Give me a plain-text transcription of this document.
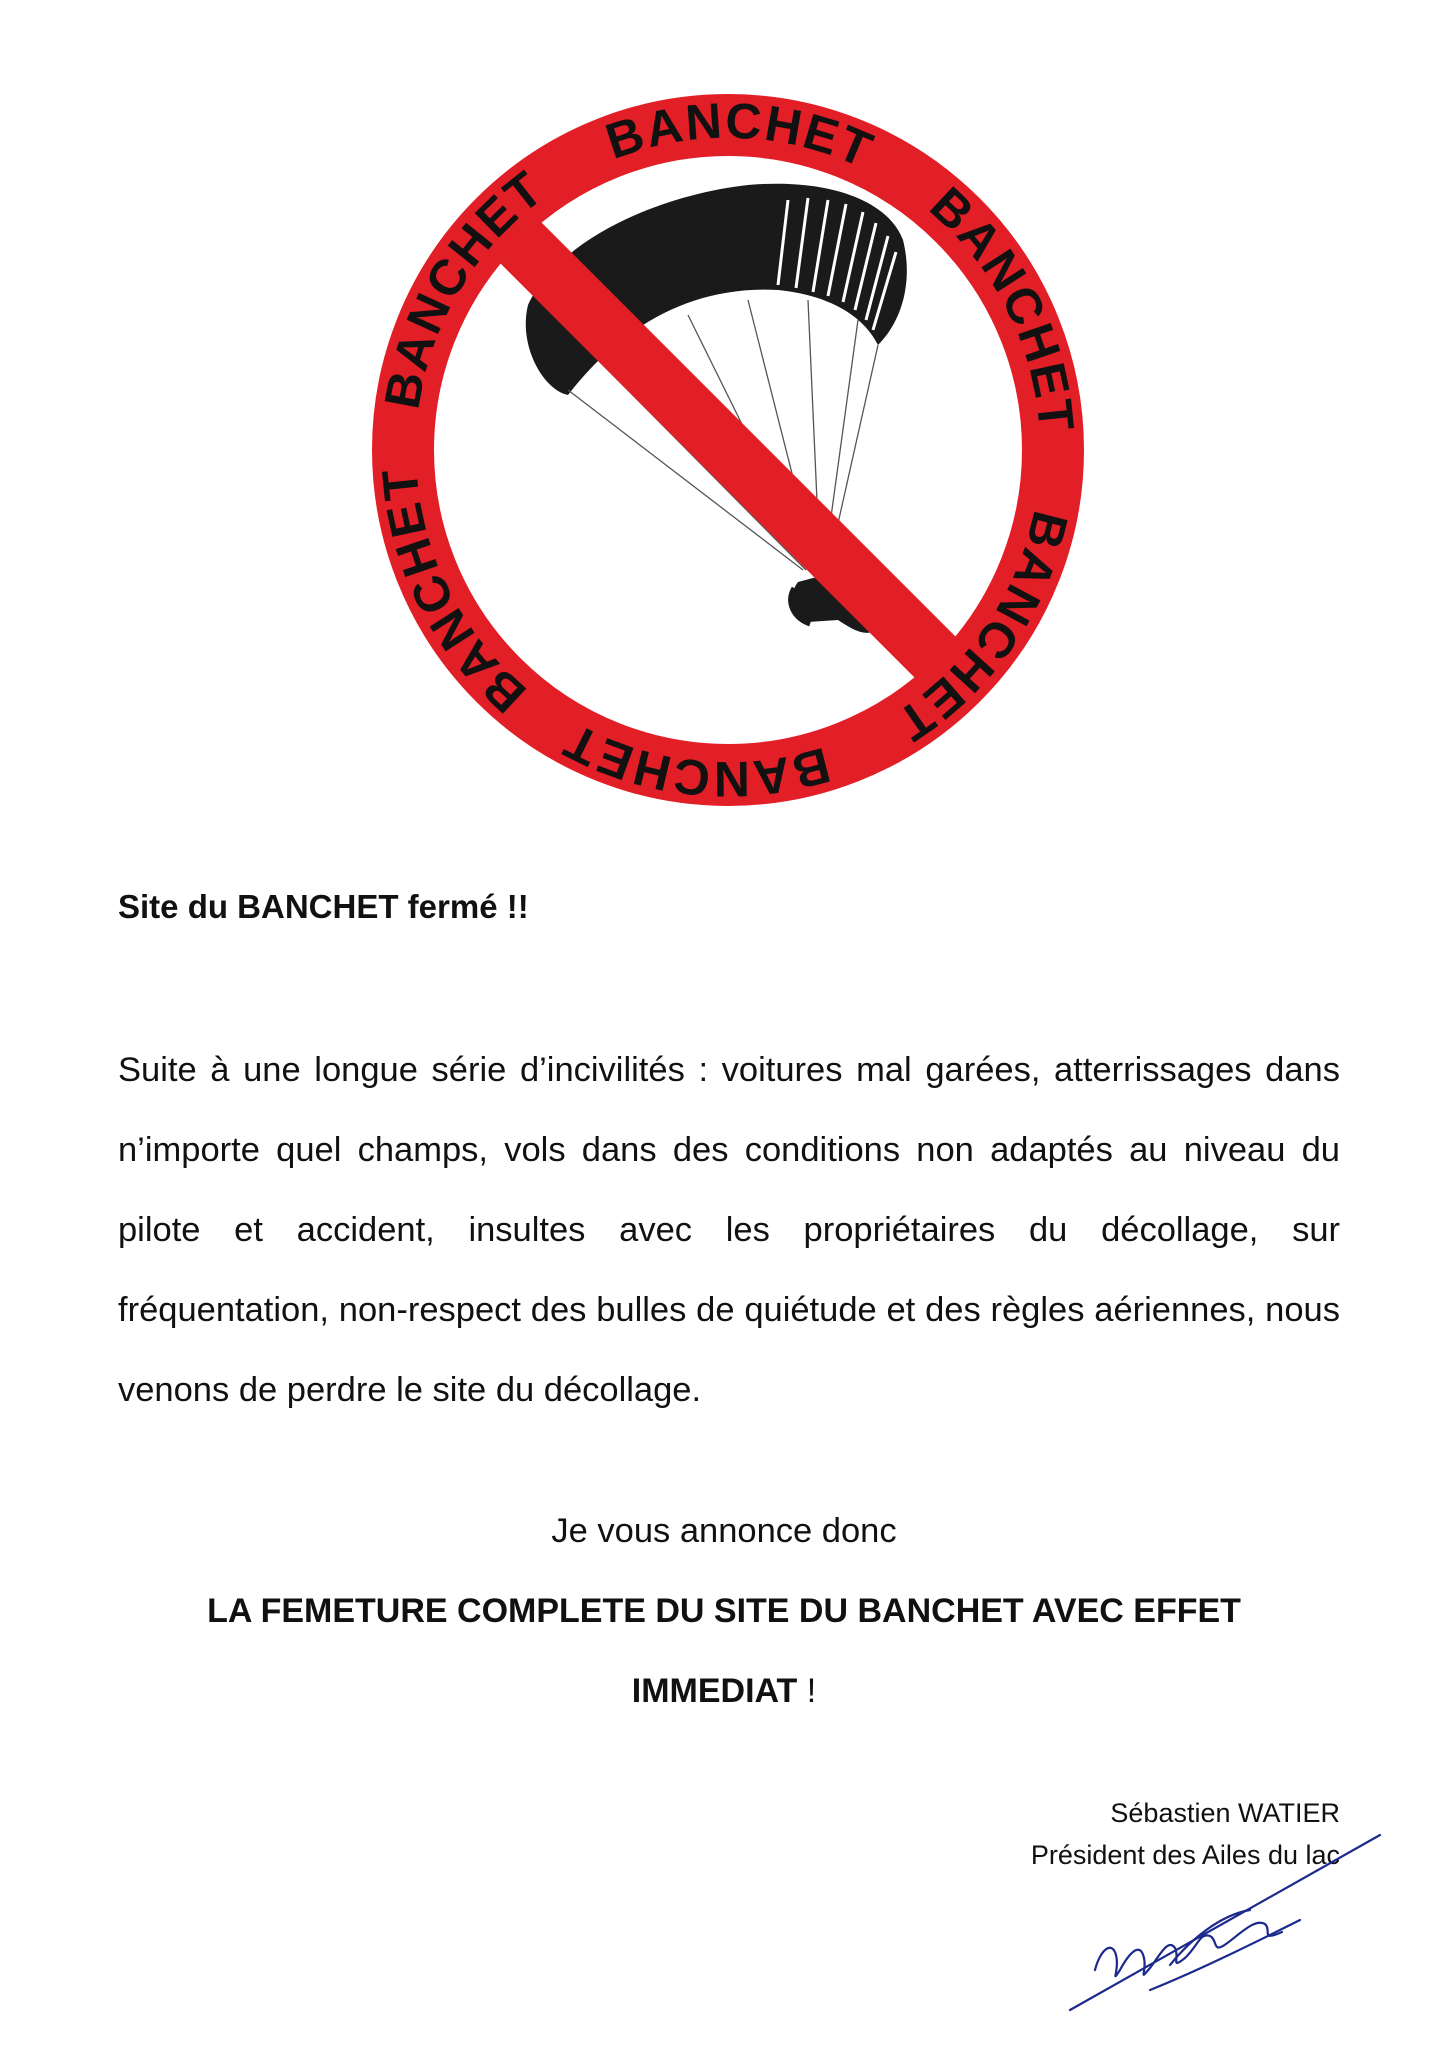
BANCHET
BANCHET
BANCHET
BANCHET
BANCHET
BANCHET
Site du BANCHET fermé !!

Suite à une longue série d’incivilités : voitures mal garées, atterrissages dans n’importe quel champs, vols dans des conditions non adaptés au niveau du pilote et accident, insultes avec les propriétaires du décollage, sur fréquentation, non-respect des bulles de quiétude et des règles aériennes, nous venons de perdre le site du décollage.

Je vous annonce donc

LA FEMETURE COMPLETE DU SITE DU BANCHET AVEC EFFET

IMMEDIAT !

Sébastien WATIER

Président des Ailes du lac
